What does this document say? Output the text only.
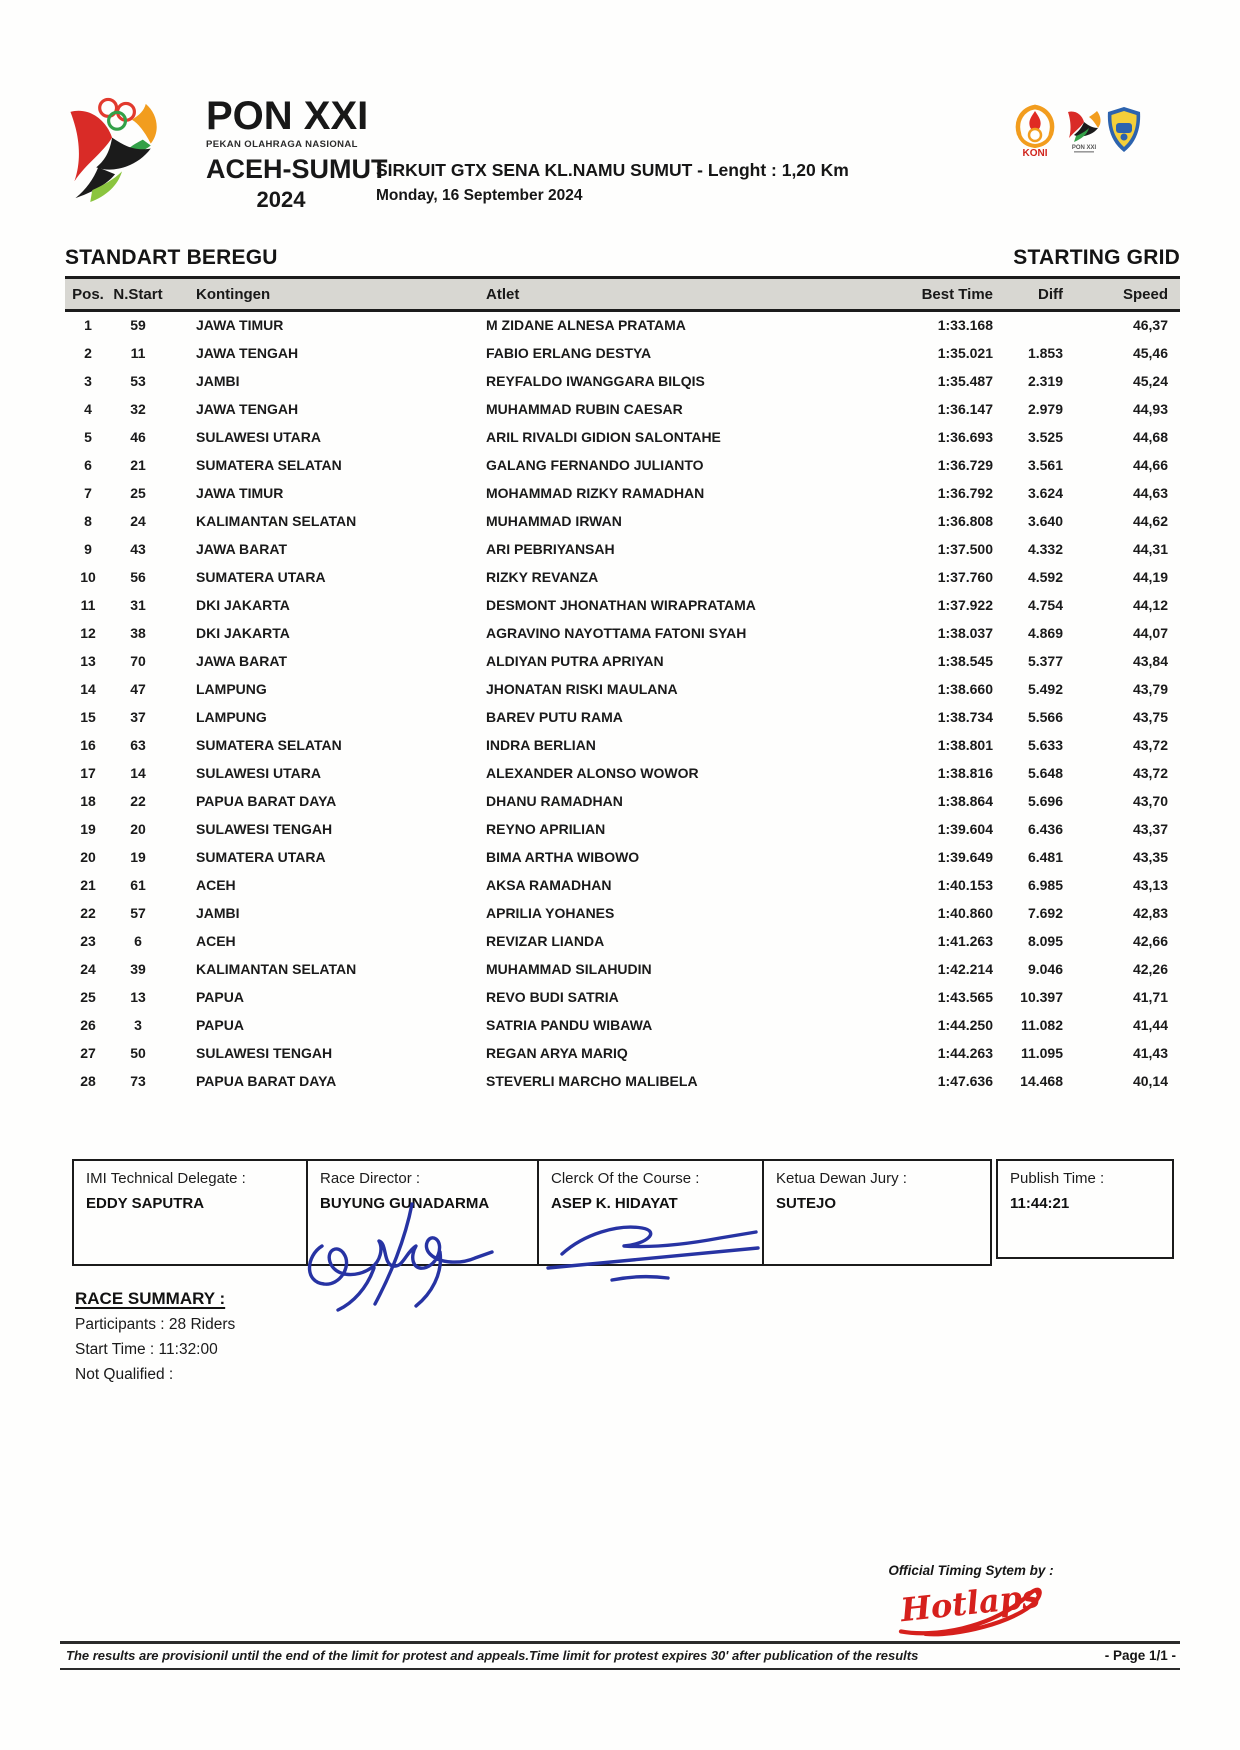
PON XXI
PEKAN OLAHRAGA NASIONAL
ACEH-SUMUT
2024
SIRKUIT GTX SENA KL.NAMU SUMUT - Lenght : 1,20 Km
Monday, 16 September 2024
KONI	PON XXI
STANDART BEREGU	STARTING GRID
Pos.	N.Start	Kontingen	Atlet	Best Time	Diff	Speed
1	59	JAWA TIMUR	M ZIDANE ALNESA PRATAMA	1:33.168		46,37
2	11	JAWA TENGAH	FABIO ERLANG DESTYA	1:35.021	1.853	45,46
3	53	JAMBI	REYFALDO IWANGGARA BILQIS	1:35.487	2.319	45,24
4	32	JAWA TENGAH	MUHAMMAD RUBIN CAESAR	1:36.147	2.979	44,93
5	46	SULAWESI UTARA	ARIL RIVALDI GIDION SALONTAHE	1:36.693	3.525	44,68
6	21	SUMATERA SELATAN	GALANG FERNANDO JULIANTO	1:36.729	3.561	44,66
7	25	JAWA TIMUR	MOHAMMAD RIZKY RAMADHAN	1:36.792	3.624	44,63
8	24	KALIMANTAN SELATAN	MUHAMMAD IRWAN	1:36.808	3.640	44,62
9	43	JAWA BARAT	ARI PEBRIYANSAH	1:37.500	4.332	44,31
10	56	SUMATERA UTARA	RIZKY REVANZA	1:37.760	4.592	44,19
11	31	DKI JAKARTA	DESMONT JHONATHAN WIRAPRATAMA	1:37.922	4.754	44,12
12	38	DKI JAKARTA	AGRAVINO NAYOTTAMA FATONI SYAH	1:38.037	4.869	44,07
13	70	JAWA BARAT	ALDIYAN PUTRA APRIYAN	1:38.545	5.377	43,84
14	47	LAMPUNG	JHONATAN RISKI MAULANA	1:38.660	5.492	43,79
15	37	LAMPUNG	BAREV PUTU RAMA	1:38.734	5.566	43,75
16	63	SUMATERA SELATAN	INDRA BERLIAN	1:38.801	5.633	43,72
17	14	SULAWESI UTARA	ALEXANDER ALONSO WOWOR	1:38.816	5.648	43,72
18	22	PAPUA BARAT DAYA	DHANU RAMADHAN	1:38.864	5.696	43,70
19	20	SULAWESI TENGAH	REYNO APRILIAN	1:39.604	6.436	43,37
20	19	SUMATERA UTARA	BIMA ARTHA WIBOWO	1:39.649	6.481	43,35
21	61	ACEH	AKSA RAMADHAN	1:40.153	6.985	43,13
22	57	JAMBI	APRILIA YOHANES	1:40.860	7.692	42,83
23	6	ACEH	REVIZAR LIANDA	1:41.263	8.095	42,66
24	39	KALIMANTAN SELATAN	MUHAMMAD SILAHUDIN	1:42.214	9.046	42,26
25	13	PAPUA	REVO BUDI SATRIA	1:43.565	10.397	41,71
26	3	PAPUA	SATRIA PANDU WIBAWA	1:44.250	11.082	41,44
27	50	SULAWESI TENGAH	REGAN ARYA MARIQ	1:44.263	11.095	41,43
28	73	PAPUA BARAT DAYA	STEVERLI MARCHO MALIBELA	1:47.636	14.468	40,14
IMI Technical Delegate :
EDDY SAPUTRA
Race Director :
BUYUNG GUNADARMA
Clerck Of the Course :
ASEP K. HIDAYAT
Ketua Dewan Jury :
SUTEJO
Publish Time :
11:44:21
RACE SUMMARY :
Participants : 28 Riders
Start Time : 11:32:00
Not Qualified :
Official Timing Sytem by :
Hotlaps
The results are provisionil until the end of the limit for protest and appeals.Time limit for protest expires 30' after publication of the results	- Page 1/1 -
